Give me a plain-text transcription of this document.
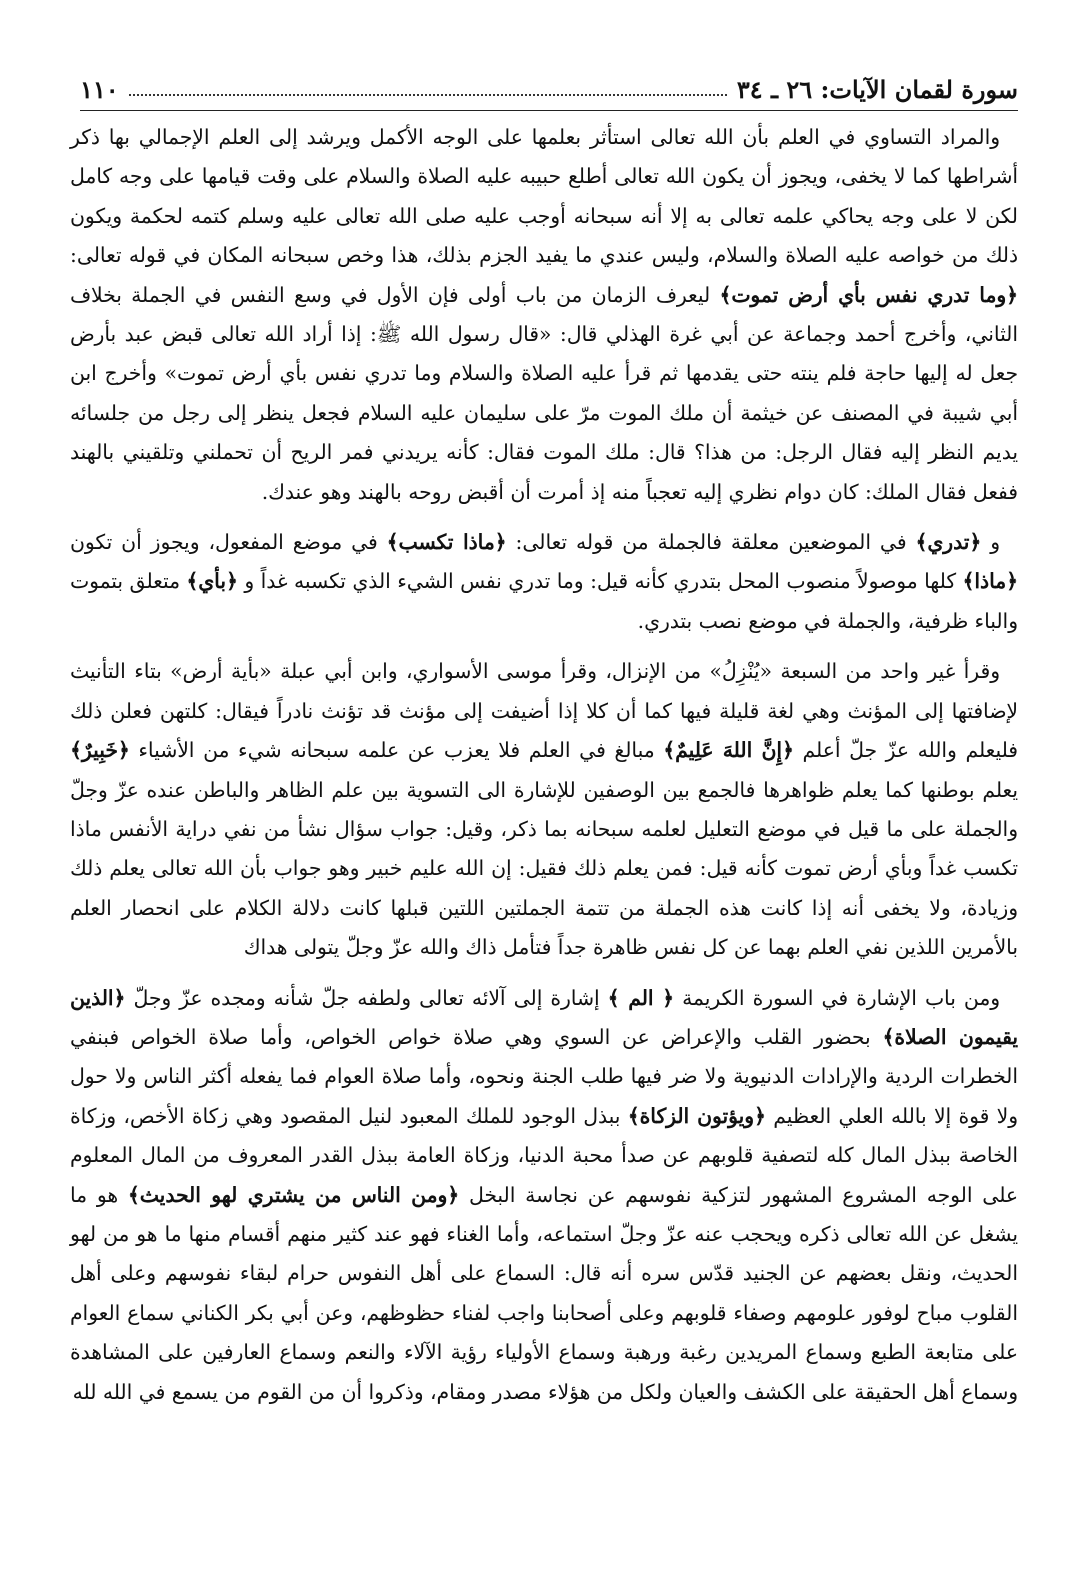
سورة لقمان الآيات: ٢٦ ـ ٣٤
١١٠

والمراد التساوي في العلم بأن الله تعالى استأثر بعلمها على الوجه الأكمل ويرشد إلى العلم الإجمالي بها ذكر أشراطها كما لا يخفى، ويجوز أن يكون الله تعالى أطلع حبيبه عليه الصلاة والسلام على وقت قيامها على وجه كامل لكن لا على وجه يحاكي علمه تعالى به إلا أنه سبحانه أوجب عليه صلى الله تعالى عليه وسلم كتمه لحكمة ويكون ذلك من خواصه عليه الصلاة والسلام، وليس عندي ما يفيد الجزم بذلك، هذا وخص سبحانه المكان في قوله تعالى: ﴿وما تدري نفس بأي أرض تموت﴾ ليعرف الزمان من باب أولى فإن الأول في وسع النفس في الجملة بخلاف الثاني، وأخرج أحمد وجماعة عن أبي غرة الهذلي قال: «قال رسول الله ﷺ: إذا أراد الله تعالى قبض عبد بأرض جعل له إليها حاجة فلم ينته حتى يقدمها ثم قرأ عليه الصلاة والسلام وما تدري نفس بأي أرض تموت» وأخرج ابن أبي شيبة في المصنف عن خيثمة أن ملك الموت مرّ على سليمان عليه السلام فجعل ينظر إلى رجل من جلسائه يديم النظر إليه فقال الرجل: من هذا؟ قال: ملك الموت فقال: كأنه يريدني فمر الريح أن تحملني وتلقيني بالهند ففعل فقال الملك: كان دوام نظري إليه تعجباً منه إذ أمرت أن أقبض روحه بالهند وهو عندك.

و ﴿تدري﴾ في الموضعين معلقة فالجملة من قوله تعالى: ﴿ماذا تكسب﴾ في موضع المفعول، ويجوز أن تكون ﴿ماذا﴾ كلها موصولاً منصوب المحل بتدري كأنه قيل: وما تدري نفس الشيء الذي تكسبه غداً و ﴿بأي﴾ متعلق بتموت والباء ظرفية، والجملة في موضع نصب بتدري.

وقرأ غير واحد من السبعة «يُنْزِلُ» من الإنزال، وقرأ موسى الأسواري، وابن أبي عبلة «بأية أرض» بتاء التأنيث لإضافتها إلى المؤنث وهي لغة قليلة فيها كما أن كلا إذا أضيفت إلى مؤنث قد تؤنث نادراً فيقال: كلتهن فعلن ذلك فليعلم والله عزّ جلّ أعلم ﴿إِنَّ اللهَ عَلِيمٌ﴾ مبالغ في العلم فلا يعزب عن علمه سبحانه شيء من الأشياء ﴿خَبِيرٌ﴾ يعلم بوطنها كما يعلم ظواهرها فالجمع بين الوصفين للإشارة الى التسوية بين علم الظاهر والباطن عنده عزّ وجلّ والجملة على ما قيل في موضع التعليل لعلمه سبحانه بما ذكر، وقيل: جواب سؤال نشأ من نفي دراية الأنفس ماذا تكسب غداً وبأي أرض تموت كأنه قيل: فمن يعلم ذلك فقيل: إن الله عليم خبير وهو جواب بأن الله تعالى يعلم ذلك وزيادة، ولا يخفى أنه إذا كانت هذه الجملة من تتمة الجملتين اللتين قبلها كانت دلالة الكلام على انحصار العلم بالأمرين اللذين نفي العلم بهما عن كل نفس ظاهرة جداً فتأمل ذاك والله عزّ وجلّ يتولى هداك

ومن باب الإشارة في السورة الكريمة ﴿ الم ﴾ إشارة إلى آلائه تعالى ولطفه جلّ شأنه ومجده عزّ وجلّ ﴿الذين يقيمون الصلاة﴾ بحضور القلب والإعراض عن السوي وهي صلاة خواص الخواص، وأما صلاة الخواص فبنفي الخطرات الردية والإرادات الدنيوية ولا ضر فيها طلب الجنة ونحوه، وأما صلاة العوام فما يفعله أكثر الناس ولا حول ولا قوة إلا بالله العلي العظيم ﴿ويؤتون الزكاة﴾ ببذل الوجود للملك المعبود لنيل المقصود وهي زكاة الأخص، وزكاة الخاصة ببذل المال كله لتصفية قلوبهم عن صدأ محبة الدنيا، وزكاة العامة ببذل القدر المعروف من المال المعلوم على الوجه المشروع المشهور لتزكية نفوسهم عن نجاسة البخل ﴿ومن الناس من يشتري لهو الحديث﴾ هو ما يشغل عن الله تعالى ذكره ويحجب عنه عزّ وجلّ استماعه، وأما الغناء فهو عند كثير منهم أقسام منها ما هو من لهو الحديث، ونقل بعضهم عن الجنيد قدّس سره أنه قال: السماع على أهل النفوس حرام لبقاء نفوسهم وعلى أهل القلوب مباح لوفور علومهم وصفاء قلوبهم وعلى أصحابنا واجب لفناء حظوظهم، وعن أبي بكر الكناني سماع العوام على متابعة الطبع وسماع المريدين رغبة ورهبة وسماع الأولياء رؤية الآلاء والنعم وسماع العارفين على المشاهدة وسماع أهل الحقيقة على الكشف والعيان ولكل من هؤلاء مصدر ومقام، وذكروا أن من القوم من يسمع في الله لله
